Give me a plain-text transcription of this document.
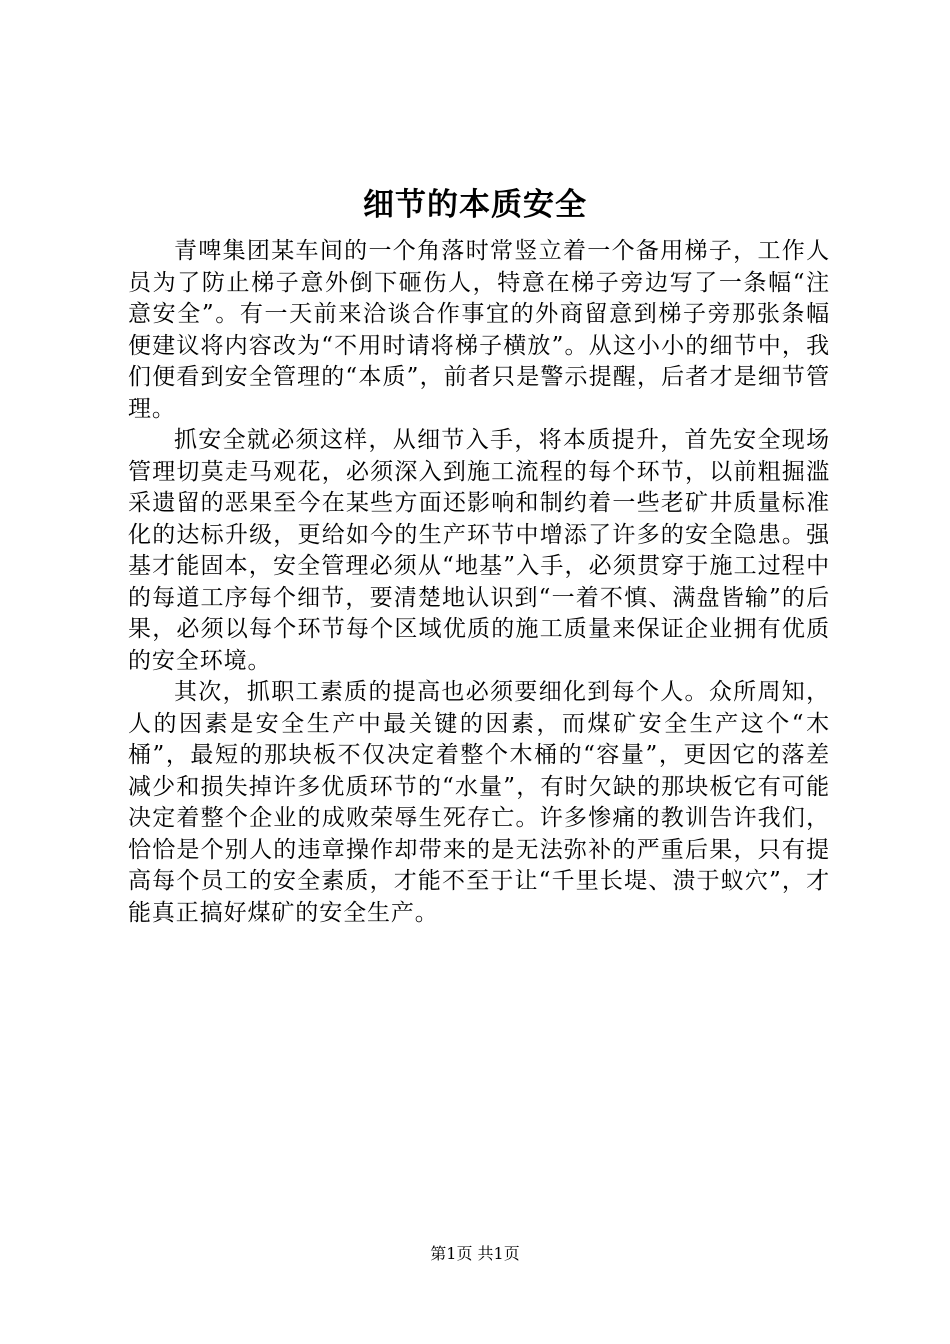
细节的本质安全

青啤集团某车间的一个角落时常竖立着一个备用梯子，工作人员为了防止梯子意外倒下砸伤人，特意在梯子旁边写了一条幅“注意安全”。有一天前来洽谈合作事宜的外商留意到梯子旁那张条幅便建议将内容改为“不用时请将梯子横放”。从这小小的细节中，我们便看到安全管理的“本质”，前者只是警示提醒，后者才是细节管理。

抓安全就必须这样，从细节入手，将本质提升，首先安全现场管理切莫走马观花，必须深入到施工流程的每个环节，以前粗掘滥采遗留的恶果至今在某些方面还影响和制约着一些老矿井质量标准化的达标升级，更给如今的生产环节中增添了许多的安全隐患。强基才能固本，安全管理必须从“地基”入手，必须贯穿于施工过程中的每道工序每个细节，要清楚地认识到“一着不慎、满盘皆输”的后果，必须以每个环节每个区域优质的施工质量来保证企业拥有优质的安全环境。

其次，抓职工素质的提高也必须要细化到每个人。众所周知，人的因素是安全生产中最关键的因素，而煤矿安全生产这个“木桶”，最短的那块板不仅决定着整个木桶的“容量”，更因它的落差减少和损失掉许多优质环节的“水量”，有时欠缺的那块板它有可能决定着整个企业的成败荣辱生死存亡。许多惨痛的教训告许我们，恰恰是个别人的违章操作却带来的是无法弥补的严重后果，只有提高每个员工的安全素质，才能不至于让“千里长堤、溃于蚁穴”，才能真正搞好煤矿的安全生产。

第1页 共1页
